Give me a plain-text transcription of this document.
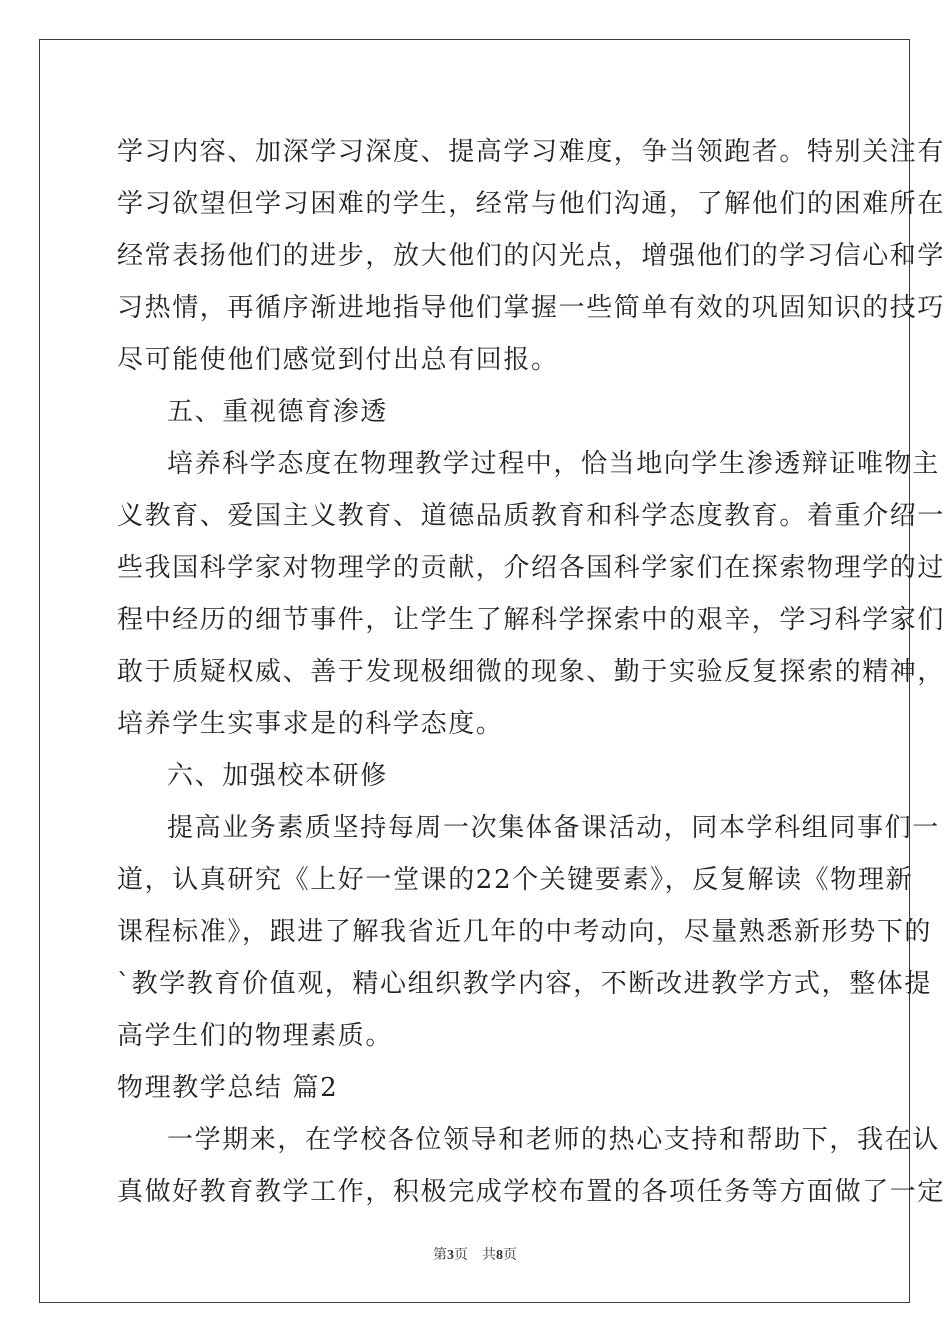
学习内容、加深学习深度、提高学习难度，争当领跑者。特别关注有
学习欲望但学习困难的学生，经常与他们沟通，了解他们的困难所在
经常表扬他们的进步，放大他们的闪光点，增强他们的学习信心和学
习热情，再循序渐进地指导他们掌握一些简单有效的巩固知识的技巧
尽可能使他们感觉到付出总有回报。
五、重视德育渗透
培养科学态度在物理教学过程中，恰当地向学生渗透辩证唯物主
义教育、爱国主义教育、道德品质教育和科学态度教育。着重介绍一
些我国科学家对物理学的贡献，介绍各国科学家们在探索物理学的过
程中经历的细节事件，让学生了解科学探索中的艰辛，学习科学家们
敢于质疑权威、善于发现极细微的现象、勤于实验反复探索的精神，
培养学生实事求是的科学态度。
六、加强校本研修
提高业务素质坚持每周一次集体备课活动，同本学科组同事们一
道，认真研究《上好一堂课的22个关键要素》，反复解读《物理新
课程标准》，跟进了解我省近几年的中考动向，尽量熟悉新形势下的
`教学教育价值观，精心组织教学内容，不断改进教学方式，整体提
高学生们的物理素质。
物理教学总结 篇2
一学期来，在学校各位领导和老师的热心支持和帮助下，我在认
真做好教育教学工作，积极完成学校布置的各项任务等方面做了一定
第3页　共8页
